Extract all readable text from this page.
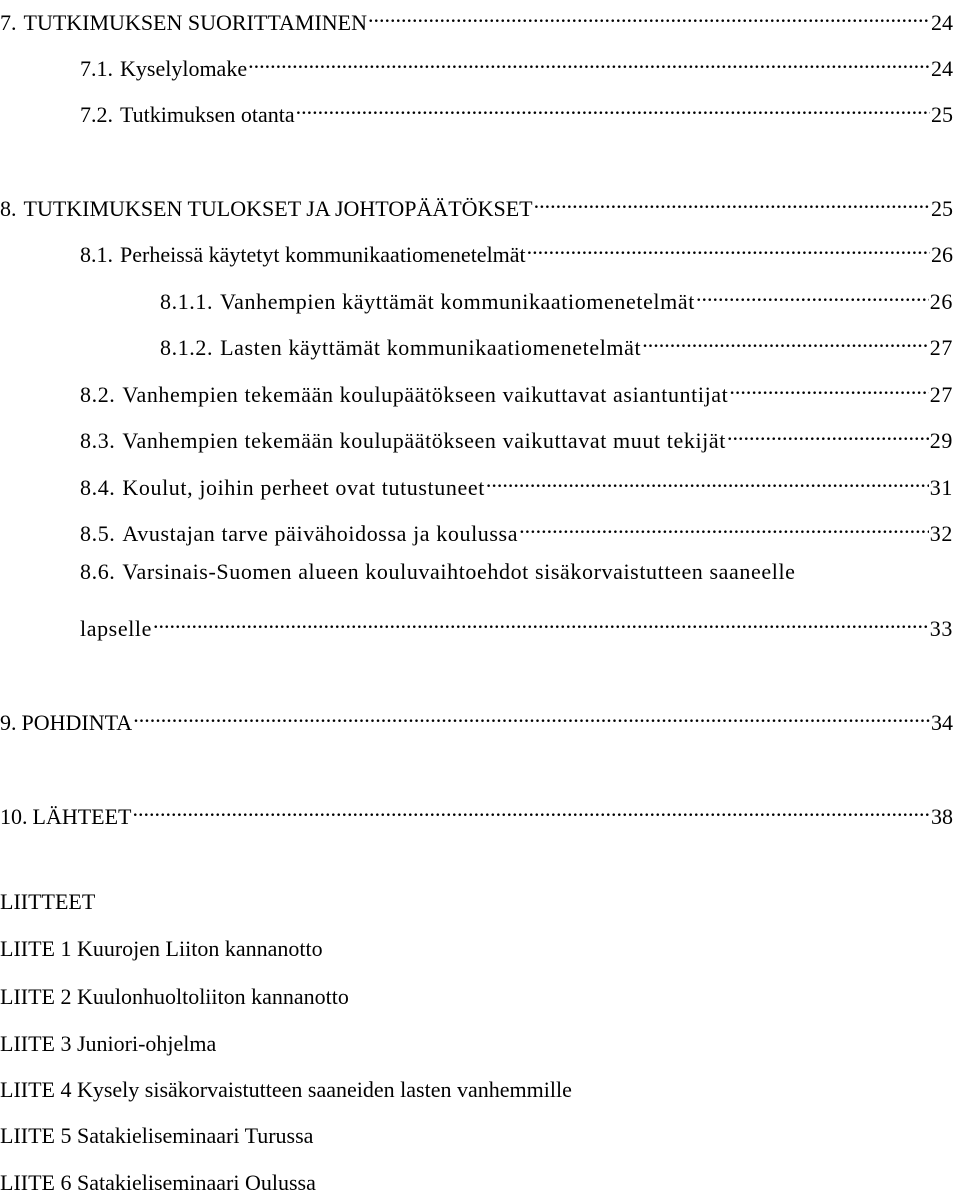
7. TUTKIMUKSEN SUORITTAMINEN .....	24
7.1. Kyselylomake .....	24
7.2. Tutkimuksen otanta .....	25
8. TUTKIMUKSEN TULOKSET JA JOHTOPÄÄTÖKSET .....	25
8.1. Perheissä käytetyt kommunikaatiomenetelmät .....	26
8.1.1. Vanhempien käyttämät kommunikaatiomenetelmät .....	26
8.1.2. Lasten käyttämät kommunikaatiomenetelmät .....	27
8.2. Vanhempien tekemään koulupäätökseen vaikuttavat asiantuntijat .....	27
8.3. Vanhempien tekemään koulupäätökseen vaikuttavat muut tekijät .....	29
8.4. Koulut, joihin perheet ovat tutustuneet .....	31
8.5. Avustajan tarve päivähoidossa ja koulussa .....	32
8.6. Varsinais-Suomen alueen kouluvaihtoehdot sisäkorvaistutteen saaneelle
lapselle .....	33
9. POHDINTA .....	34
10. LÄHTEET .....	38
LIITTEET
LIITE 1 Kuurojen Liiton kannanotto
LIITE 2 Kuulonhuoltoliiton kannanotto
LIITE 3 Juniori-ohjelma
LIITE 4 Kysely sisäkorvaistutteen saaneiden lasten vanhemmille
LIITE 5 Satakieliseminaari Turussa
LIITE 6 Satakieliseminaari Oulussa
